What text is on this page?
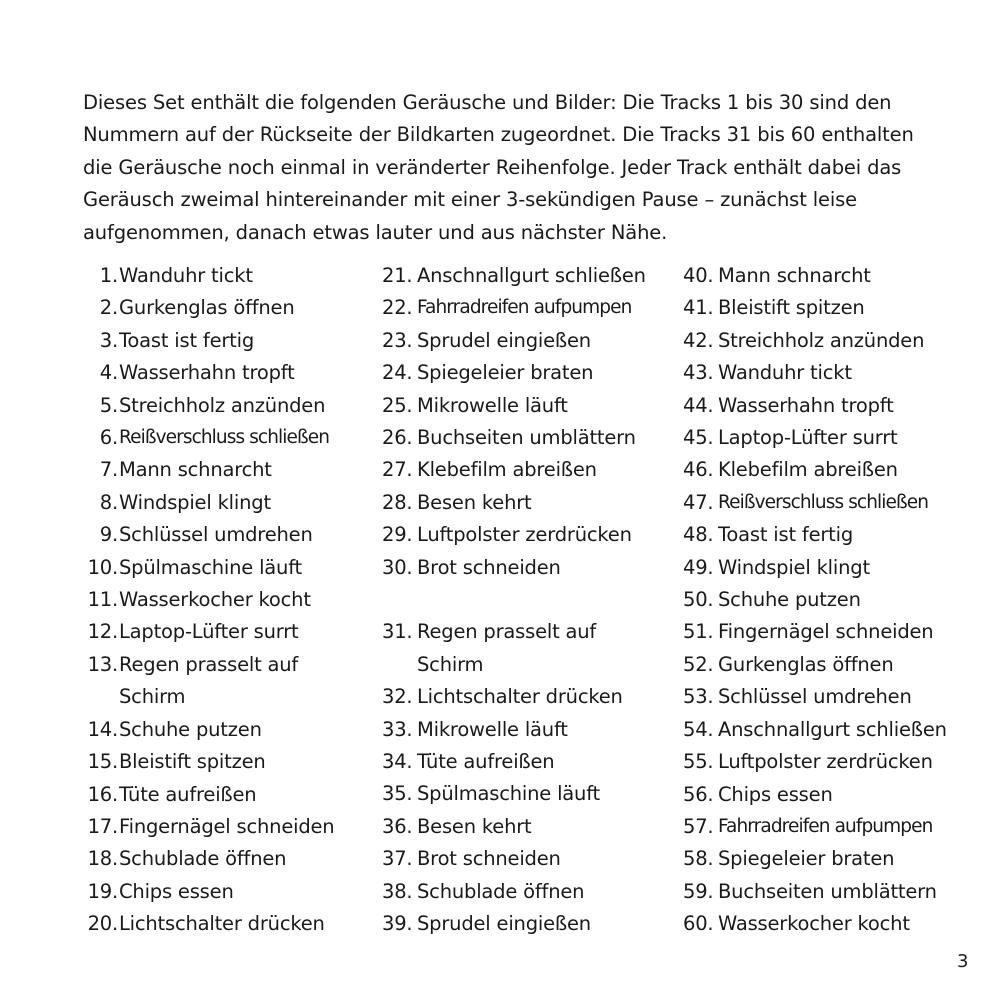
Dieses Set enthält die folgenden Geräusche und Bilder: Die Tracks 1 bis 30 sind den Nummern auf der Rückseite der Bildkarten zugeordnet. Die Tracks 31 bis 60 enthalten die Geräusche noch einmal in veränderter Reihenfolge. Jeder Track enthält dabei das Geräusch zweimal hintereinander mit einer 3-sekündigen Pause – zunächst leise aufgenommen, danach etwas lauter und aus nächster Nähe.

1. Wanduhr tickt
2. Gurkenglas öffnen
3. Toast ist fertig
4. Wasserhahn tropft
5. Streichholz anzünden
6. Reißverschluss schließen
7. Mann schnarcht
8. Windspiel klingt
9. Schlüssel umdrehen
10. Spülmaschine läuft
11. Wasserkocher kocht
12. Laptop-Lüfter surrt
13. Regen prasselt auf Schirm
14. Schuhe putzen
15. Bleistift spitzen
16. Tüte aufreißen
17. Fingernägel schneiden
18. Schublade öffnen
19. Chips essen
20. Lichtschalter drücken
21. Anschnallgurt schließen
22. Fahrradreifen aufpumpen
23. Sprudel eingießen
24. Spiegeleier braten
25. Mikrowelle läuft
26. Buchseiten umblättern
27. Klebefilm abreißen
28. Besen kehrt
29. Luftpolster zerdrücken
30. Brot schneiden
31. Regen prasselt auf Schirm
32. Lichtschalter drücken
33. Mikrowelle läuft
34. Tüte aufreißen
35. Spülmaschine läuft
36. Besen kehrt
37. Brot schneiden
38. Schublade öffnen
39. Sprudel eingießen
40. Mann schnarcht
41. Bleistift spitzen
42. Streichholz anzünden
43. Wanduhr tickt
44. Wasserhahn tropft
45. Laptop-Lüfter surrt
46. Klebefilm abreißen
47. Reißverschluss schließen
48. Toast ist fertig
49. Windspiel klingt
50. Schuhe putzen
51. Fingernägel schneiden
52. Gurkenglas öffnen
53. Schlüssel umdrehen
54. Anschnallgurt schließen
55. Luftpolster zerdrücken
56. Chips essen
57. Fahrradreifen aufpumpen
58. Spiegeleier braten
59. Buchseiten umblättern
60. Wasserkocher kocht

3
